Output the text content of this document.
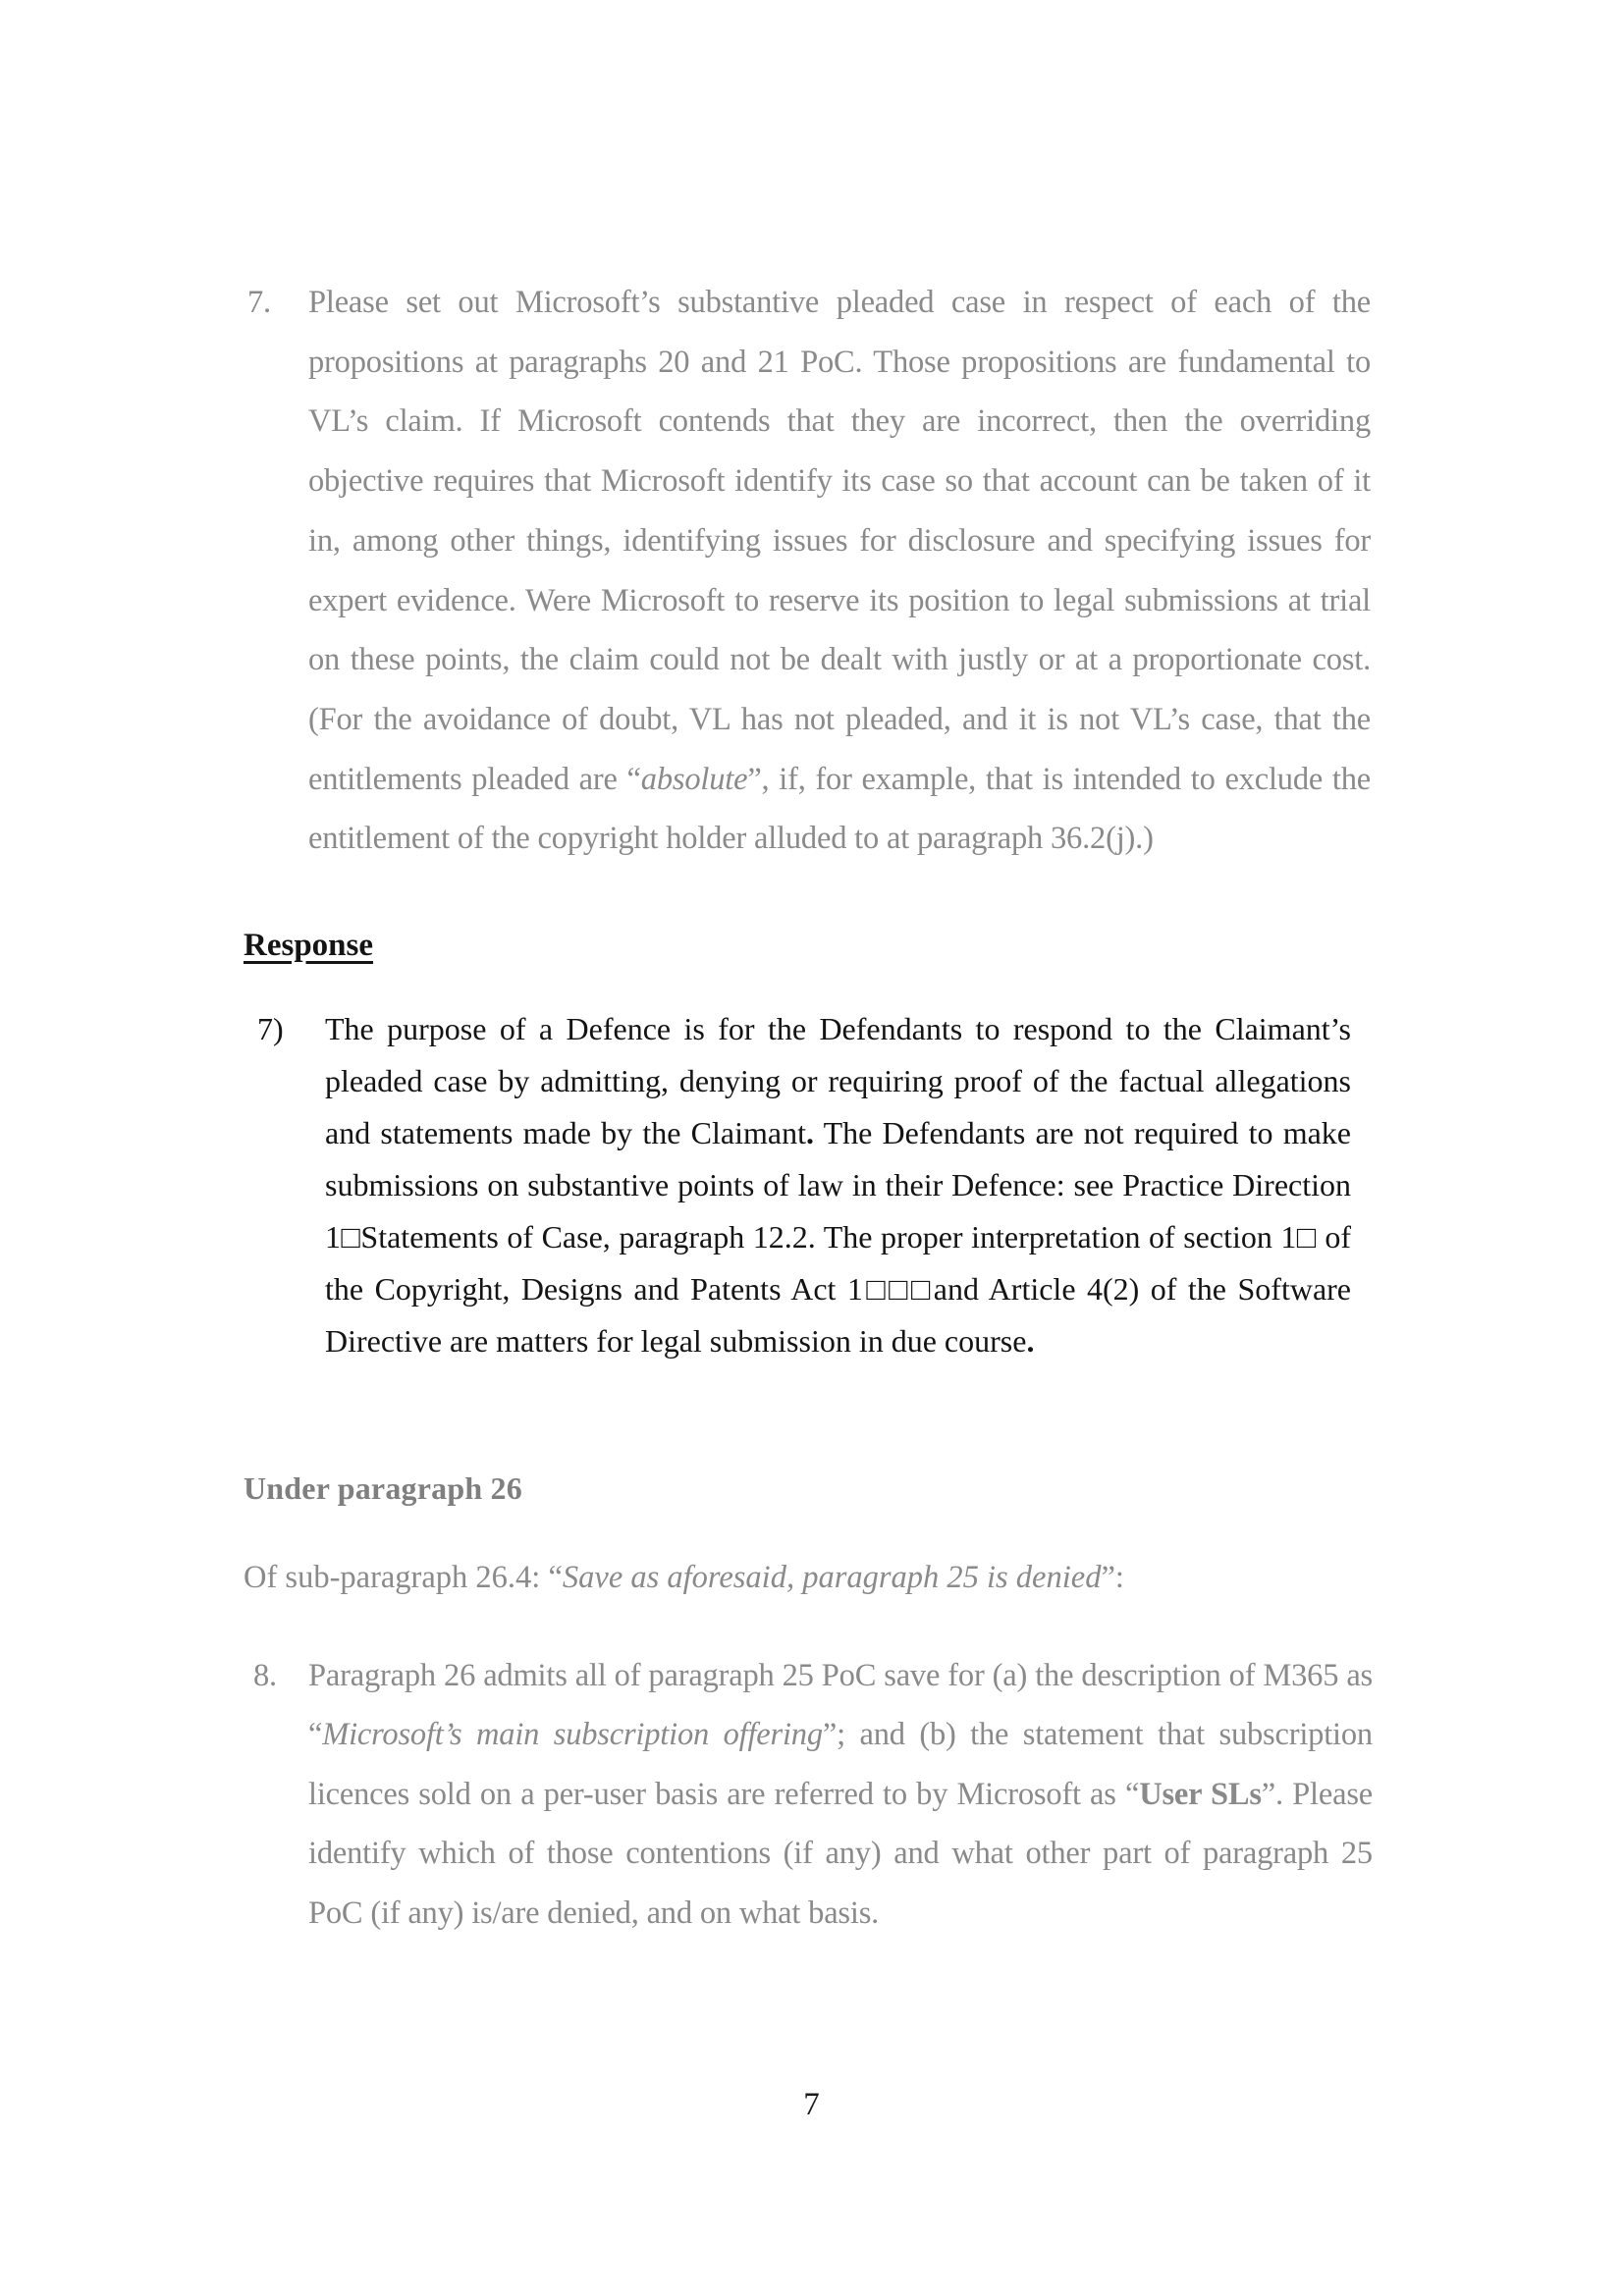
7.	Please set out Microsoft’s substantive pleaded case in respect of each of the propositions at paragraphs 20 and 21 PoC. Those propositions are fundamental to VL’s claim. If Microsoft contends that they are incorrect, then the overriding objective requires that Microsoft identify its case so that account can be taken of it in, among other things, identifying issues for disclosure and specifying issues for expert evidence. Were Microsoft to reserve its position to legal submissions at trial on these points, the claim could not be dealt with justly or at a proportionate cost. (For the avoidance of doubt, VL has not pleaded, and it is not VL’s case, that the entitlements pleaded are “absolute”, if, for example, that is intended to exclude the entitlement of the copyright holder alluded to at paragraph 36.2(j).)

Response
7)	The purpose of a Defence is for the Defendants to respond to the Claimant’s pleaded case by admitting, denying or requiring proof of the factual allegations and statements made by the Claimant. The Defendants are not required to make submissions on substantive points of law in their Defence: see Practice Direction 1□Statements of Case, paragraph 12.2. The proper interpretation of section 1□ of the Copyright, Designs and Patents Act 1□□□and Article 4(2) of the Software Directive are matters for legal submission in due course.

Under paragraph 26

Of sub-paragraph 26.4: “Save as aforesaid, paragraph 25 is denied”:

8. Paragraph 26 admits all of paragraph 25 PoC save for (a) the description of M365 as “Microsoft’s main subscription offering”; and (b) the statement that subscription licences sold on a per-user basis are referred to by Microsoft as “User SLs”. Please identify which of those contentions (if any) and what other part of paragraph 25 PoC (if any) is/are denied, and on what basis.

7
